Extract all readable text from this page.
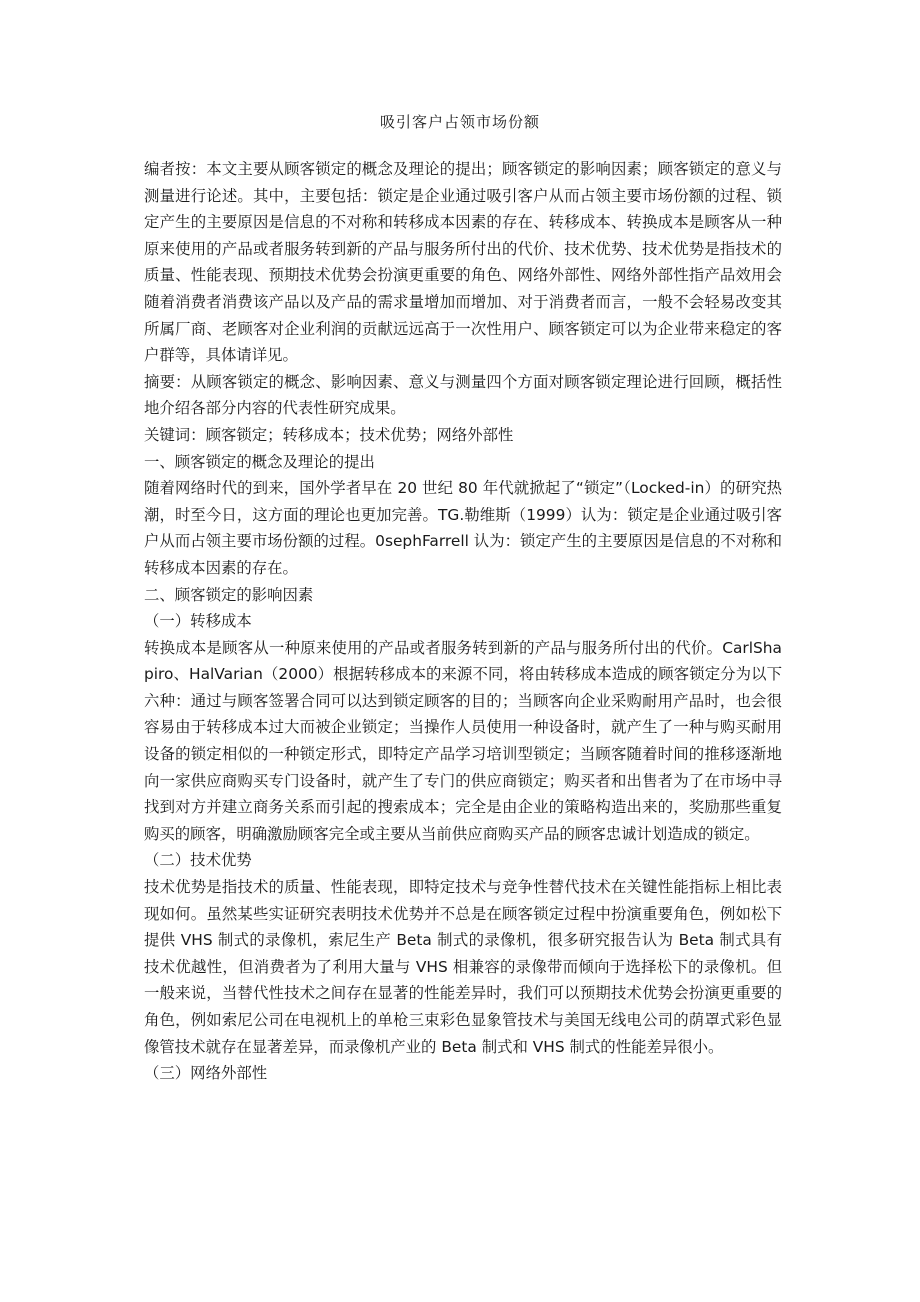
吸引客户占领市场份额

编者按：本文主要从顾客锁定的概念及理论的提出；顾客锁定的影响因素；顾客锁定的意义与测量进行论述。其中，主要包括：锁定是企业通过吸引客户从而占领主要市场份额的过程、锁定产生的主要原因是信息的不对称和转移成本因素的存在、转移成本、转换成本是顾客从一种原来使用的产品或者服务转到新的产品与服务所付出的代价、技术优势、技术优势是指技术的质量、性能表现、预期技术优势会扮演更重要的角色、网络外部性、网络外部性指产品效用会随着消费者消费该产品以及产品的需求量增加而增加、对于消费者而言，一般不会轻易改变其所属厂商、老顾客对企业利润的贡献远远高于一次性用户、顾客锁定可以为企业带来稳定的客户群等，具体请详见。

摘要：从顾客锁定的概念、影响因素、意义与测量四个方面对顾客锁定理论进行回顾，概括性地介绍各部分内容的代表性研究成果。

关键词：顾客锁定；转移成本；技术优势；网络外部性

一、顾客锁定的概念及理论的提出

随着网络时代的到来，国外学者早在 20 世纪 80 年代就掀起了“锁定”（Locked-in）的研究热潮，时至今日，这方面的理论也更加完善。TG.勒维斯（1999）认为：锁定是企业通过吸引客户从而占领主要市场份额的过程。0sephFarrell 认为：锁定产生的主要原因是信息的不对称和转移成本因素的存在。

二、顾客锁定的影响因素

（一）转移成本

转换成本是顾客从一种原来使用的产品或者服务转到新的产品与服务所付出的代价。CarlShapiro、HalVarian（2000）根据转移成本的来源不同，将由转移成本造成的顾客锁定分为以下六种：通过与顾客签署合同可以达到锁定顾客的目的；当顾客向企业采购耐用产品时，也会很容易由于转移成本过大而被企业锁定；当操作人员使用一种设备时，就产生了一种与购买耐用设备的锁定相似的一种锁定形式，即特定产品学习培训型锁定；当顾客随着时间的推移逐渐地向一家供应商购买专门设备时，就产生了专门的供应商锁定；购买者和出售者为了在市场中寻找到对方并建立商务关系而引起的搜索成本；完全是由企业的策略构造出来的，奖励那些重复购买的顾客，明确激励顾客完全或主要从当前供应商购买产品的顾客忠诚计划造成的锁定。

（二）技术优势

技术优势是指技术的质量、性能表现，即特定技术与竞争性替代技术在关键性能指标上相比表现如何。虽然某些实证研究表明技术优势并不总是在顾客锁定过程中扮演重要角色，例如松下提供 VHS 制式的录像机，索尼生产 Beta 制式的录像机，很多研究报告认为 Beta 制式具有技术优越性，但消费者为了利用大量与 VHS 相兼容的录像带而倾向于选择松下的录像机。但一般来说，当替代性技术之间存在显著的性能差异时，我们可以预期技术优势会扮演更重要的角色，例如索尼公司在电视机上的单枪三束彩色显象管技术与美国无线电公司的荫罩式彩色显像管技术就存在显著差异，而录像机产业的 Beta 制式和 VHS 制式的性能差异很小。

（三）网络外部性
